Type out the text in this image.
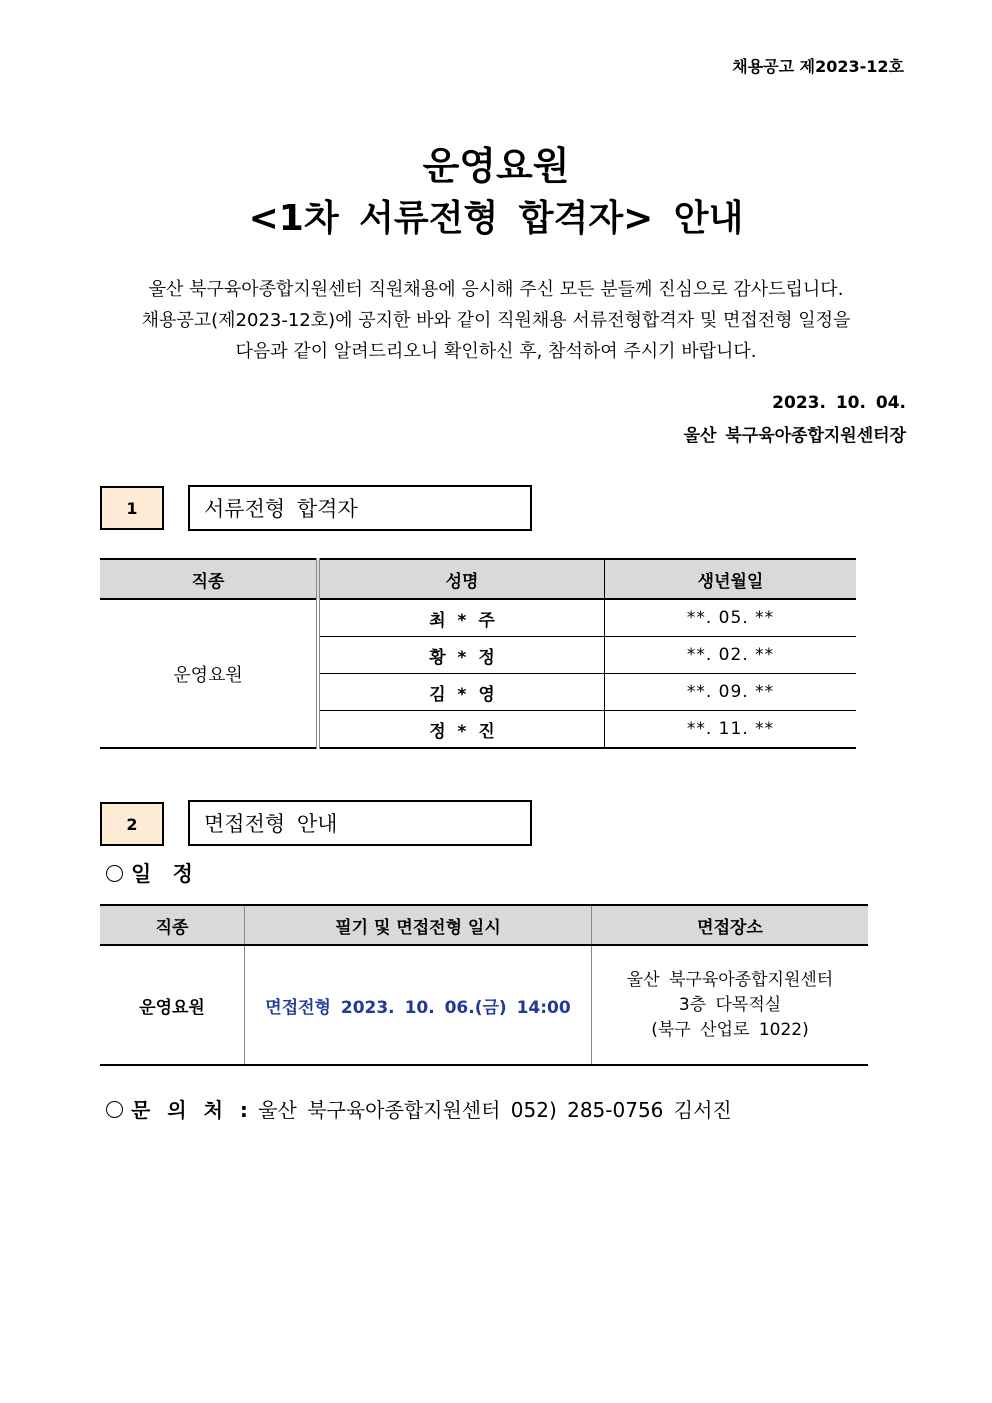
채용공고 제2023-12호
운영요원
<1차 서류전형 합격자> 안내
울산 북구육아종합지원센터 직원채용에 응시해 주신 모든 분들께 진심으로 감사드립니다.
채용공고(제2023-12호)에 공지한 바와 같이 직원채용 서류전형합격자 및 면접전형 일정을
다음과 같이 알려드리오니 확인하신 후, 참석하여 주시기 바랍니다.
2023. 10. 04.
울산 북구육아종합지원센터장
1	서류전형 합격자
직종	성명	생년월일
운영요원	최 * 주	**. 05. **
	황 * 정	**. 02. **
	김 * 영	**. 09. **
	정 * 진	**. 11. **
2	면접전형 안내
일 정
직종	필기 및 면접전형 일시	면접장소
운영요원	면접전형 2023. 10. 06.(금) 14:00	울산 북구육아종합지원센터
3층 다목적실
(북구 산업로 1022)
문 의 처 : 울산 북구육아종합지원센터 052) 285-0756 김서진
